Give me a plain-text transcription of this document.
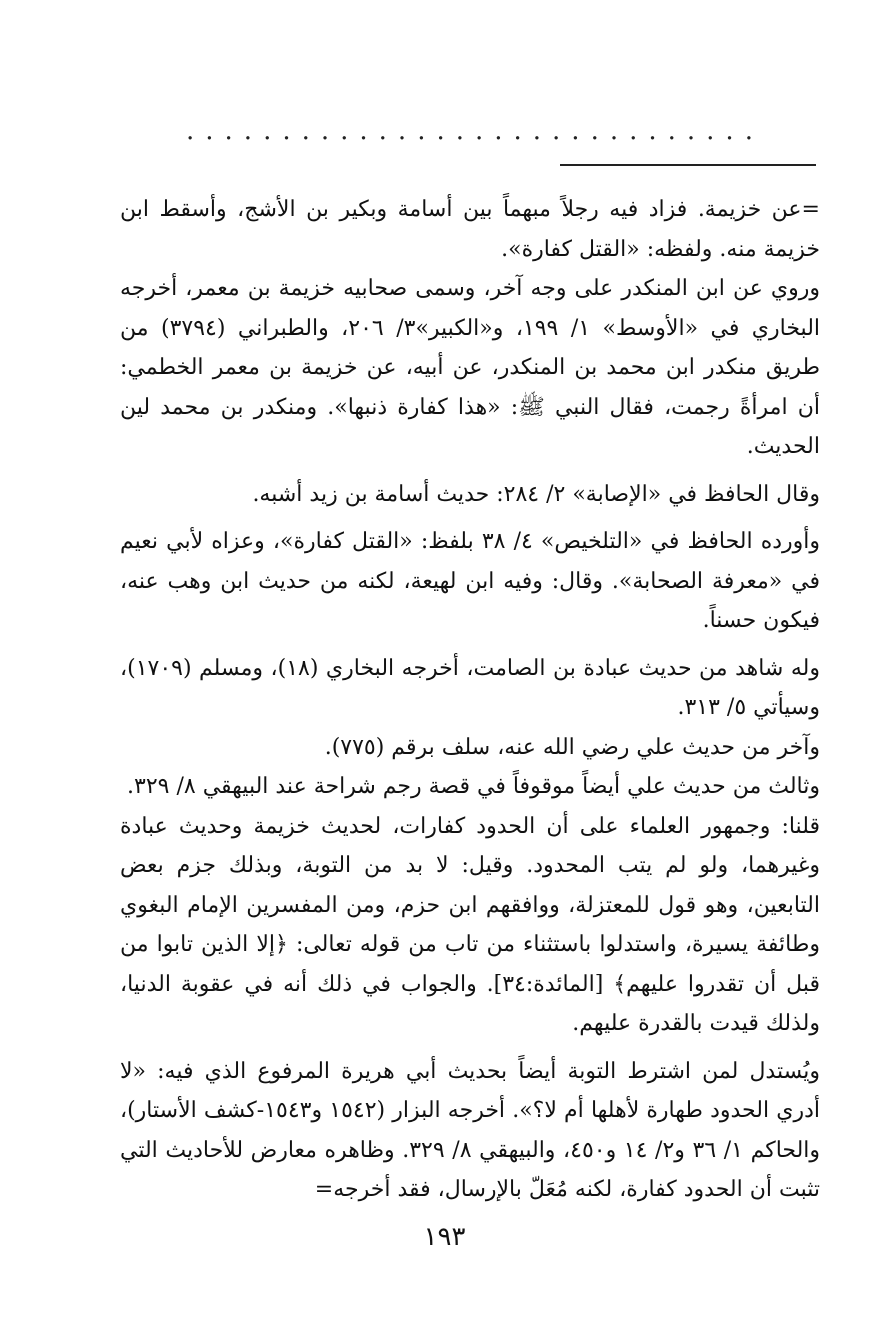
..............................

=عن خزيمة. فزاد فيه رجلاً مبهماً بين أسامة وبكير بن الأشج، وأسقط ابن خزيمة منه. ولفظه: «القتل كفارة».

وروي عن ابن المنكدر على وجه آخر، وسمى صحابيه خزيمة بن معمر، أخرجه البخاري في «الأوسط» ١/ ١٩٩، و«الكبير»٣/ ٢٠٦، والطبراني (٣٧٩٤) من طريق منكدر ابن محمد بن المنكدر، عن أبيه، عن خزيمة بن معمر الخطمي: أن امرأةً رجمت، فقال النبي ﷺ: «هذا كفارة ذنبها». ومنكدر بن محمد لين الحديث.

وقال الحافظ في «الإصابة» ٢/ ٢٨٤: حديث أسامة بن زيد أشبه.

وأورده الحافظ في «التلخيص» ٤/ ٣٨ بلفظ: «القتل كفارة»، وعزاه لأبي نعيم في «معرفة الصحابة». وقال: وفيه ابن لهيعة، لكنه من حديث ابن وهب عنه، فيكون حسناً.

وله شاهد من حديث عبادة بن الصامت، أخرجه البخاري (١٨)، ومسلم (١٧٠٩)، وسيأتي ٥/ ٣١٣.

وآخر من حديث علي رضي الله عنه، سلف برقم (٧٧٥).

وثالث من حديث علي أيضاً موقوفاً في قصة رجم شراحة عند البيهقي ٨/ ٣٢٩.

قلنا: وجمهور العلماء على أن الحدود كفارات، لحديث خزيمة وحديث عبادة وغيرهما، ولو لم يتب المحدود. وقيل: لا بد من التوبة، وبذلك جزم بعض التابعين، وهو قول للمعتزلة، ووافقهم ابن حزم، ومن المفسرين الإمام البغوي وطائفة يسيرة، واستدلوا باستثناء من تاب من قوله تعالى: ﴿إلا الذين تابوا من قبل أن تقدروا عليهم﴾ [المائدة:٣٤]. والجواب في ذلك أنه في عقوبة الدنيا، ولذلك قيدت بالقدرة عليهم.

ويُستدل لمن اشترط التوبة أيضاً بحديث أبي هريرة المرفوع الذي فيه: «لا أدري الحدود طهارة لأهلها أم لا؟». أخرجه البزار (١٥٤٢ و١٥٤٣-كشف الأستار)، والحاكم ١/ ٣٦ و٢/ ١٤ و٤٥٠، والبيهقي ٨/ ٣٢٩. وظاهره معارض للأحاديث التي تثبت أن الحدود كفارة، لكنه مُعَلّ بالإرسال، فقد أخرجه=

١٩٣
